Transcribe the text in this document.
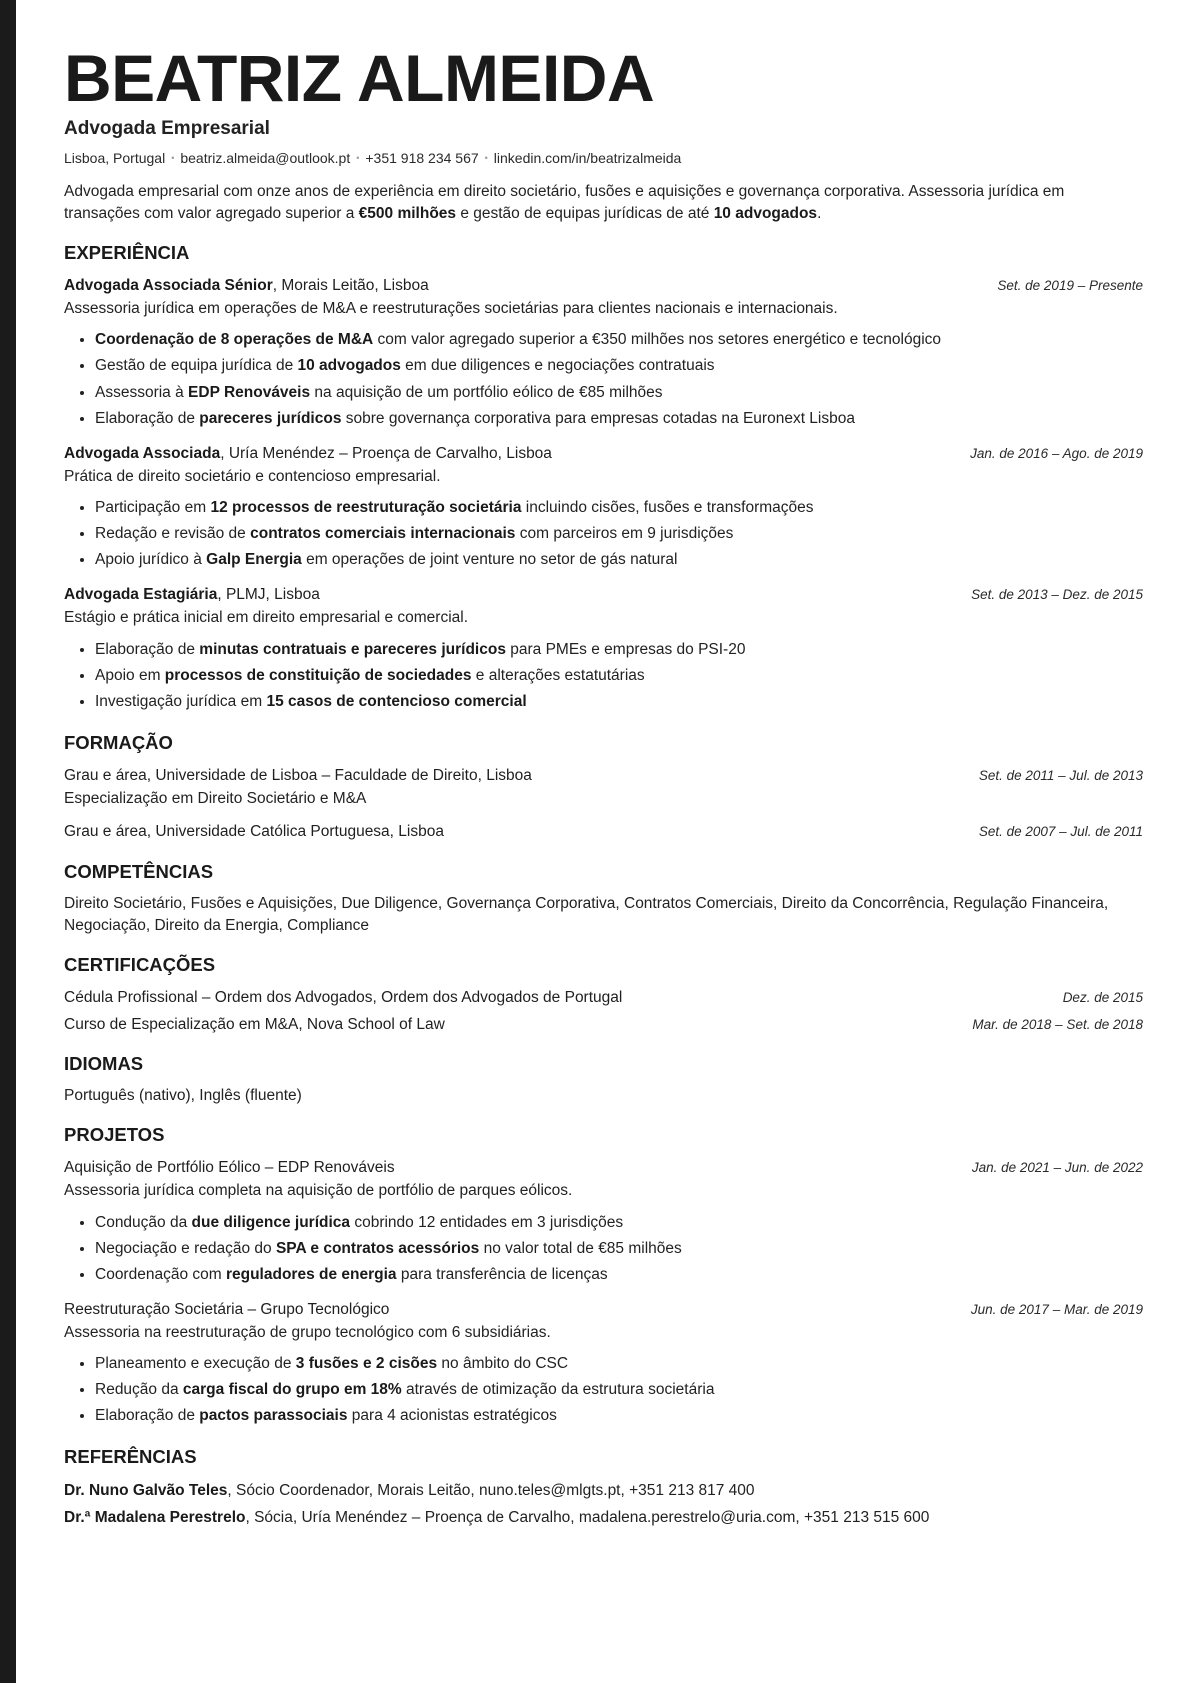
BEATRIZ ALMEIDA
Advogada Empresarial
Lisboa, Portugal • beatriz.almeida@outlook.pt • +351 918 234 567 • linkedin.com/in/beatrizalmeida
Advogada empresarial com onze anos de experiência em direito societário, fusões e aquisições e governança corporativa. Assessoria jurídica em transações com valor agregado superior a €500 milhões e gestão de equipas jurídicas de até 10 advogados.
EXPERIÊNCIA
Advogada Associada Sénior, Morais Leitão, Lisboa	Set. de 2019 – Presente
Assessoria jurídica em operações de M&A e reestruturações societárias para clientes nacionais e internacionais.
• Coordenação de 8 operações de M&A com valor agregado superior a €350 milhões nos setores energético e tecnológico
• Gestão de equipa jurídica de 10 advogados em due diligences e negociações contratuais
• Assessoria à EDP Renováveis na aquisição de um portfólio eólico de €85 milhões
• Elaboração de pareceres jurídicos sobre governança corporativa para empresas cotadas na Euronext Lisboa
Advogada Associada, Uría Menéndez – Proença de Carvalho, Lisboa	Jan. de 2016 – Ago. de 2019
Prática de direito societário e contencioso empresarial.
• Participação em 12 processos de reestruturação societária incluindo cisões, fusões e transformações
• Redação e revisão de contratos comerciais internacionais com parceiros em 9 jurisdições
• Apoio jurídico à Galp Energia em operações de joint venture no setor de gás natural
Advogada Estagiária, PLMJ, Lisboa	Set. de 2013 – Dez. de 2015
Estágio e prática inicial em direito empresarial e comercial.
• Elaboração de minutas contratuais e pareceres jurídicos para PMEs e empresas do PSI-20
• Apoio em processos de constituição de sociedades e alterações estatutárias
• Investigação jurídica em 15 casos de contencioso comercial
FORMAÇÃO
Grau e área, Universidade de Lisboa – Faculdade de Direito, Lisboa	Set. de 2011 – Jul. de 2013
Especialização em Direito Societário e M&A
Grau e área, Universidade Católica Portuguesa, Lisboa	Set. de 2007 – Jul. de 2011
COMPETÊNCIAS
Direito Societário, Fusões e Aquisições, Due Diligence, Governança Corporativa, Contratos Comerciais, Direito da Concorrência, Regulação Financeira, Negociação, Direito da Energia, Compliance
CERTIFICAÇÕES
Cédula Profissional – Ordem dos Advogados, Ordem dos Advogados de Portugal	Dez. de 2015
Curso de Especialização em M&A, Nova School of Law	Mar. de 2018 – Set. de 2018
IDIOMAS
Português (nativo), Inglês (fluente)
PROJETOS
Aquisição de Portfólio Eólico – EDP Renováveis	Jan. de 2021 – Jun. de 2022
Assessoria jurídica completa na aquisição de portfólio de parques eólicos.
• Condução da due diligence jurídica cobrindo 12 entidades em 3 jurisdições
• Negociação e redação do SPA e contratos acessórios no valor total de €85 milhões
• Coordenação com reguladores de energia para transferência de licenças
Reestruturação Societária – Grupo Tecnológico	Jun. de 2017 – Mar. de 2019
Assessoria na reestruturação de grupo tecnológico com 6 subsidiárias.
• Planeamento e execução de 3 fusões e 2 cisões no âmbito do CSC
• Redução da carga fiscal do grupo em 18% através de otimização da estrutura societária
• Elaboração de pactos parassociais para 4 acionistas estratégicos
REFERÊNCIAS
Dr. Nuno Galvão Teles, Sócio Coordenador, Morais Leitão, nuno.teles@mlgts.pt, +351 213 817 400
Dr.ª Madalena Perestrelo, Sócia, Uría Menéndez – Proença de Carvalho, madalena.perestrelo@uria.com, +351 213 515 600
